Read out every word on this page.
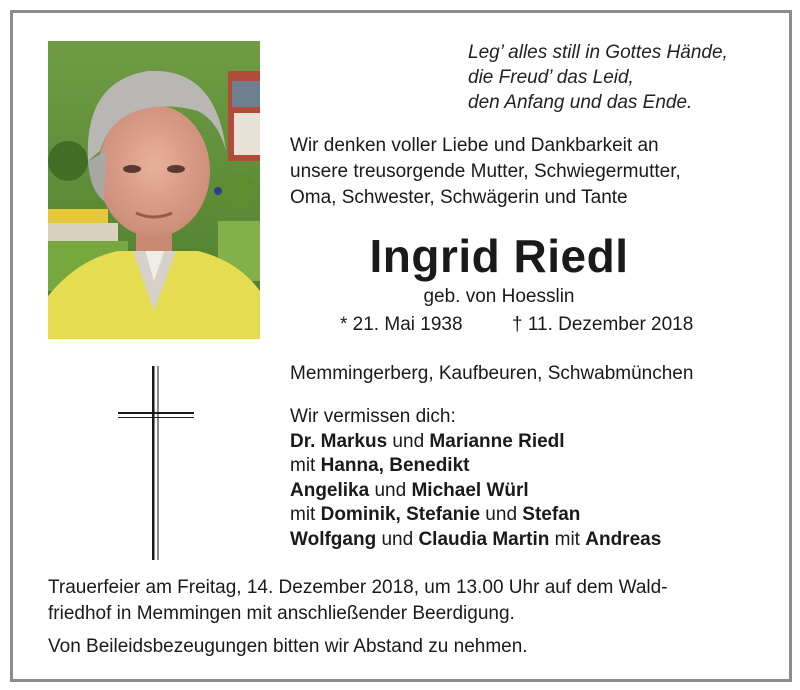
Leg’ alles still in Gottes Hände,
die Freud’ das Leid,
den Anfang und das Ende.
Wir denken voller Liebe und Dankbarkeit an
unsere treusorgende Mutter, Schwiegermutter,
Oma, Schwester, Schwägerin und Tante
Ingrid Riedl
geb. von Hoesslin
* 21. Mai 1938	† 11. Dezember 2018
Memmingerberg, Kaufbeuren, Schwabmünchen
Wir vermissen dich:
Dr. Markus und Marianne Riedl
mit Hanna, Benedikt
Angelika und Michael Würl
mit Dominik, Stefanie und Stefan
Wolfgang und Claudia Martin mit Andreas
Trauerfeier am Freitag, 14. Dezember 2018, um 13.00 Uhr auf dem Wald-
friedhof in Memmingen mit anschließender Beerdigung.
Von Beileidsbezeugungen bitten wir Abstand zu nehmen.
